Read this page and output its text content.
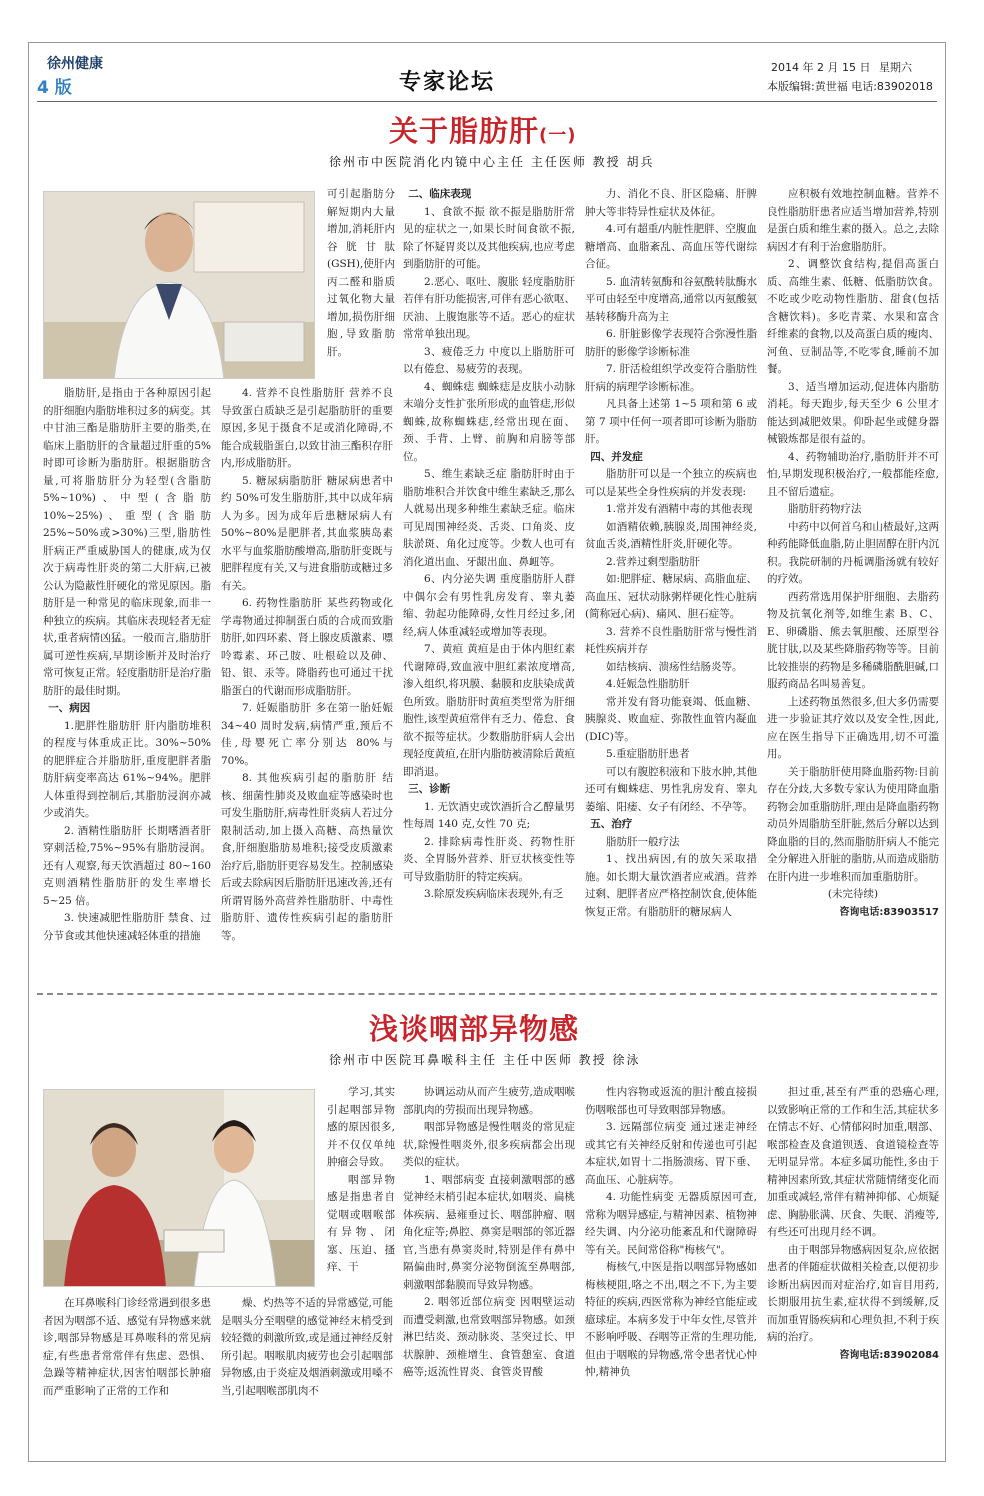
徐州健康
4 版	专家论坛
2014 年 2 月 15 日 星期六
本版编辑:黄世福 电话:83902018
关于脂肪肝(一)
徐州市中医院消化内镜中心主任 主任医师 教授 胡兵

可引起脂肪分解短期内大量增加,消耗肝内谷胱甘肽(GSH),使肝内丙二醛和脂质过氧化物大量增加,损伤肝细胞,导致脂肪肝。

脂肪肝,是指由于各种原因引起的肝细胞内脂肪堆积过多的病变。其中甘油三酯是脂肪肝主要的脂类,在临床上脂肪肝的含量超过肝重的5%时即可诊断为脂肪肝。根据脂肪含量,可将脂肪肝分为轻型(含脂肪 5%~10%)、中型(含脂肪10%~25%)、重型(含脂肪 25%~50%或>30%)三型,脂肪性肝病正严重威胁国人的健康,成为仅次于病毒性肝炎的第二大肝病,已被公认为隐蔽性肝硬化的常见原因。脂肪肝是一种常见的临床现象,而非一种独立的疾病。其临床表现轻者无症状,重者病情凶猛。一般而言,脂肪肝属可逆性疾病,早期诊断并及时治疗常可恢复正常。轻度脂肪肝是治疗脂肪肝的最佳时期。

一、病因

1.肥胖性脂肪肝 肝内脂肪堆积的程度与体重成正比。30%~50%的肥胖症合并脂肪肝,重度肥胖者脂肪肝病变率高达 61%~94%。肥胖人体重得到控制后,其脂肪浸润亦减少或消失。

2. 酒精性脂肪肝 长期嗜酒者肝穿刺活检,75%~95%有脂肪浸润。还有人观察,每天饮酒超过 80~160 克则酒精性脂肪肝的发生率增长 5~25 倍。

3. 快速减肥性脂肪肝 禁食、过分节食或其他快速减轻体重的措施

4. 营养不良性脂肪肝 营养不良导致蛋白质缺乏是引起脂肪肝的重要原因,多见于摄食不足或消化障碍,不能合成载脂蛋白,以致甘油三酯积存肝内,形成脂肪肝。

5. 糖尿病脂肪肝 糖尿病患者中约 50%可发生脂肪肝,其中以成年病人为多。因为成年后患糖尿病人有 50%~80%是肥胖者,其血浆胰岛素水平与血浆脂肪酸增高,脂肪肝变既与肥胖程度有关,又与进食脂肪或糖过多有关。

6. 药物性脂肪肝 某些药物或化学毒物通过抑制蛋白质的合成而致脂肪肝,如四环素、肾上腺皮质激素、嘌呤霉素、环己胺、吐根硷以及砷、铅、银、汞等。降脂药也可通过干扰脂蛋白的代谢而形成脂肪肝。

7. 妊娠脂肪肝 多在第一胎妊娠 34~40 周时发病,病情严重,预后不佳,母婴死亡率分别达 80%与 70%。

8. 其他疾病引起的脂肪肝 结核、细菌性肺炎及败血症等感染时也可发生脂肪肝,病毒性肝炎病人若过分限制活动,加上摄入高糖、高热量饮食,肝细胞脂肪易堆积;接受皮质激素治疗后,脂肪肝更容易发生。控制感染后或去除病因后脂肪肝迅速改善,还有所谓胃肠外高营养性脂肪肝、中毒性脂肪肝、遗传性疾病引起的脂肪肝等。

二、临床表现

1、食欲不振 欲不振是脂肪肝常见的症状之一,如果长时间食欲不振,除了怀疑胃炎以及其他疾病,也应考虑到脂肪肝的可能。

2.恶心、呕吐、腹胀 轻度脂肪肝若伴有肝功能损害,可伴有恶心欲呕、厌油、上腹饱胀等不适。恶心的症状常常单独出现。

3、疲倦乏力 中度以上脂肪肝可以有倦怠、易疲劳的表现。

4、蜘蛛痣 蜘蛛痣是皮肤小动脉末端分支性扩张所形成的血管痣,形似蜘蛛,故称蜘蛛痣,经常出现在面、颈、手背、上臂、前胸和肩膀等部位。

5、维生素缺乏症 脂肪肝时由于脂肪堆积合并饮食中维生素缺乏,那么人就易出现多种维生素缺乏症。临床可见周围神经炎、舌炎、口角炎、皮肤淤斑、角化过度等。少数人也可有消化道出血、牙龈出血、鼻衄等。

6、内分泌失调 重度脂肪肝人群中偶尔会有男性乳房发育、睾丸萎缩、勃起功能障碍,女性月经过多,闭经,病人体重减轻或增加等表现。

7、黄疸 黄疸是由于体内胆红素代谢障碍,致血液中胆红素浓度增高,渗入组织,将巩膜、黏膜和皮肤染成黄色所致。脂肪肝时黄疸类型常为肝细胞性,该型黄疸常伴有乏力、倦怠、食欲不振等症状。少数脂肪肝病人会出现轻度黄疸,在肝内脂肪被清除后黄疸即消退。

三、诊断

1. 无饮酒史或饮酒折合乙醇量男性每周 140 克,女性 70 克;

2. 排除病毒性肝炎、药物性肝炎、全胃肠外营养、肝豆状核变性等可导致脂肪肝的特定疾病。

3.除原发疾病临床表现外,有乏

力、消化不良、肝区隐痛、肝脾肿大等非特异性症状及体征。

4.可有超重/内脏性肥胖、空腹血糖增高、血脂紊乱、高血压等代谢综合征。

5. 血清转氨酶和谷氨酰转肽酶水平可由轻至中度增高,通常以丙氨酸氨基转移酶升高为主

6. 肝脏影像学表现符合弥漫性脂肪肝的影像学诊断标准

7. 肝活检组织学改变符合脂肪性肝病的病理学诊断标准。

凡具备上述第 1~5 项和第 6 或第 7 项中任何一项者即可诊断为脂肪肝。

四、并发症

脂肪肝可以是一个独立的疾病也可以是某些全身性疾病的并发表现:

1.常并发有酒精中毒的其他表现

如酒精依赖,胰腺炎,周围神经炎,贫血舌炎,酒精性肝炎,肝硬化等。

2.营养过剩型脂肪肝

如:肥胖症、糖尿病、高脂血症、高血压、冠状动脉粥样硬化性心脏病(简称冠心病)、痛风、胆石症等。

3. 营养不良性脂肪肝常与慢性消耗性疾病并存

如结核病、溃疡性结肠炎等。

4.妊娠急性脂肪肝

常并发有肾功能衰竭、低血糖、胰腺炎、败血症、弥散性血管内凝血(DIC)等。

5.重症脂肪肝患者

可以有腹腔积液和下肢水肿,其他还可有蜘蛛痣、男性乳房发育、睾丸萎缩、阳痿、女子有闭经、不孕等。

五、治疗

脂肪肝一般疗法

1、找出病因,有的放矢采取措施。如长期大量饮酒者应戒酒。营养过剩、肥胖者应严格控制饮食,使体能恢复正常。有脂肪肝的糖尿病人

应积极有效地控制血糖。营养不良性脂肪肝患者应适当增加营养,特别是蛋白质和维生素的摄入。总之,去除病因才有利于治愈脂肪肝。

2、调整饮食结构,提倡高蛋白质、高维生素、低糖、低脂肪饮食。不吃或少吃动物性脂肪、甜食(包括含糖饮料)。多吃青菜、水果和富含纤维素的食物,以及高蛋白质的瘦肉、河鱼、豆制品等,不吃零食,睡前不加餐。

3、适当增加运动,促进体内脂肪消耗。每天跑步,每天至少 6 公里才能达到减肥效果。仰卧起坐或健身器械锻炼都是很有益的。

4、药物辅助治疗,脂肪肝并不可怕,早期发现积极治疗,一般都能痊愈,且不留后遗症。

脂肪肝药物疗法

中药中以何首乌和山楂最好,这两种药能降低血脂,防止胆固醇在肝内沉积。我院研制的丹栀调脂汤就有较好的疗效。

西药常选用保护肝细胞、去脂药物及抗氧化剂等,如维生素 B、C、E、卵磷脂、熊去氧胆酸、还原型谷胱甘肽,以及某些降脂药物等等。目前比较推崇的药物是多稀磷脂酰胆碱,口服药商品名叫易善复。

上述药物虽然很多,但大多仍需要进一步验证其疗效以及安全性,因此,应在医生指导下正确选用,切不可滥用。

关于脂肪肝使用降血脂药物:目前存在分歧,大多数专家认为使用降血脂药物会加重脂肪肝,理由是降血脂药物动员外周脂肪至肝脏,然后分解以达到降血脂的目的,然而脂肪肝病人不能完全分解进入肝脏的脂肪,从而造成脂肪在肝内进一步堆积而加重脂肪肝。

(未完待续)

咨询电话:83903517

浅谈咽部异物感
徐州市中医院耳鼻喉科主任 主任中医师 教授 徐泳

学习,其实引起咽部异物感的原因很多,并不仅仅单纯肿瘤会导致。

咽部异物感是指患者自觉咽或咽喉部有异物、闭塞、压迫、搔痒、干

在耳鼻喉科门诊经常遇到很多患者因为咽部不适、感觉有异物感来就诊,咽部异物感是耳鼻喉科的常见病症,有些患者常常伴有焦虑、恐惧、急躁等精神症状,因害怕咽部长肿瘤而严重影响了正常的工作和

燥、灼热等不适的异常感觉,可能是咽头分至咽壁的感觉神经末梢受到较轻微的刺激所致,或是通过神经反射所引起。咽喉肌肉疲劳也会引起咽部异物感,由于炎症及烟酒刺激或用嗓不当,引起咽喉部肌肉不

协调运动从而产生疲劳,造成咽喉部肌肉的劳损而出现异物感。

咽部异物感是慢性咽炎的常见症状,除慢性咽炎外,很多疾病都会出现类似的症状。

1、咽部病变 直接刺激咽部的感觉神经末梢引起本症状,如咽炎、扁桃体疾病、悬雍垂过长、咽部肿瘤、咽角化症等;鼻腔、鼻窦是咽部的邻近器官,当患有鼻窦炎时,特别是伴有鼻中隔偏曲时,鼻窦分泌物倒流至鼻咽部,刺激咽部黏膜而导致异物感。

2. 咽邻近部位病变 因咽壁运动而遭受刺激,也常致咽部异物感。如颈淋巴结炎、颈动脉炎、茎突过长、甲状腺肿、颈椎增生、食管憩室、食道癌等;返流性胃炎、食管炎胃酸

性内容物或返流的胆汁酸直接损伤咽喉部也可导致咽部异物感。

3. 远隔部位病变 通过迷走神经或其它有关神经反射和传递也可引起本症状,如胃十二指肠溃疡、胃下垂、高血压、心脏病等。

4. 功能性病变 无器质原因可查,常称为咽异感症,与精神因素、植物神经失调、内分泌功能紊乱和代谢障碍等有关。民间常俗称"梅核气"。

梅核气,中医是指以咽部异物感如梅核梗阻,咯之不出,咽之不下,为主要特征的疾病,西医常称为神经官能症或癔球症。本病多发于中年女性,尽管并不影响呼吸、吞咽等正常的生理功能,但由于咽喉的异物感,常令患者忧心忡忡,精神负

担过重,甚至有严重的恐癌心理,以致影响正常的工作和生活,其症状多在情志不好、心情郁闷时加重,咽部、喉部检查及食道钡透、食道镜检查等无明显异常。本症多属功能性,多由于精神因素所致,其症状常随情绪变化而加重或减轻,常伴有精神抑郁、心烦疑虑、胸胁胀满、厌食、失眠、消瘦等,有些还可出现月经不调。

由于咽部异物感病因复杂,应依据患者的伴随症状做相关检查,以便初步诊断出病因而对症治疗,如盲目用药,长期服用抗生素,症状得不到缓解,反而加重胃肠疾病和心理负担,不利于疾病的治疗。

咨询电话:83902084
